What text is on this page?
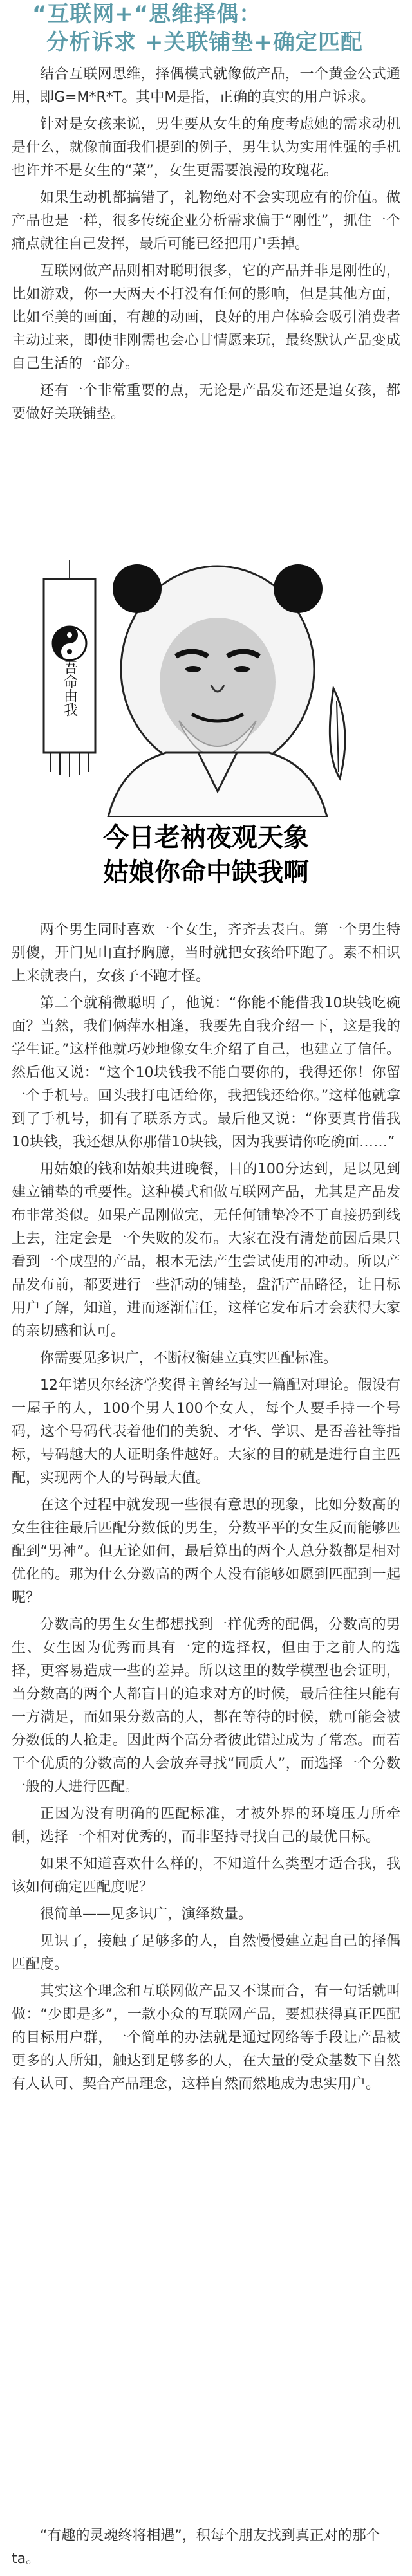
“互联网+“思维择偶：
分析诉求 +关联铺垫+确定匹配

结合互联网思维，择偶模式就像做产品，一个黄金公式通用，即G=M*R*T。其中M是指，正确的真实的用户诉求。

针对是女孩来说，男生要从女生的角度考虑她的需求动机是什么，就像前面我们提到的例子，男生认为实用性强的手机也许并不是女生的“菜”，女生更需要浪漫的玫瑰花。

如果生动机都搞错了，礼物绝对不会实现应有的价值。做产品也是一样，很多传统企业分析需求偏于“刚性”，抓住一个痛点就往自己发挥，最后可能已经把用户丢掉。

互联网做产品则相对聪明很多，它的产品并非是刚性的，比如游戏，你一天两天不打没有任何的影响，但是其他方面，比如至美的画面，有趣的动画，良好的用户体验会吸引消费者主动过来，即使非刚需也会心甘情愿来玩，最终默认产品变成自己生活的一部分。

还有一个非常重要的点，无论是产品发布还是追女孩，都要做好关联铺垫。

吾命由我
今日老衲夜观天象
姑娘你命中缺我啊

两个男生同时喜欢一个女生，齐齐去表白。第一个男生特别傻，开门见山直抒胸臆，当时就把女孩给吓跑了。素不相识上来就表白，女孩子不跑才怪。

第二个就稍微聪明了，他说：“你能不能借我10块钱吃碗面？当然，我们俩萍水相逢，我要先自我介绍一下，这是我的学生证。”这样他就巧妙地像女生介绍了自己，也建立了信任。然后他又说：“这个10块钱我不能白要你的，我得还你！你留一个手机号。回头我打电话给你，我把钱还给你。”这样他就拿到了手机号，拥有了联系方式。最后他又说：“你要真肯借我10块钱，我还想从你那借10块钱，因为我要请你吃碗面……”

用姑娘的钱和姑娘共进晚餐，目的100分达到，足以见到建立铺垫的重要性。这种模式和做互联网产品，尤其是产品发布非常类似。如果产品刚做完，无任何铺垫冷不丁直接扔到线上去，注定会是一个失败的发布。大家在没有清楚前因后果只看到一个成型的产品，根本无法产生尝试使用的冲动。所以产品发布前，都要进行一些活动的铺垫，盘活产品路径，让目标用户了解，知道，进而逐渐信任，这样它发布后才会获得大家的亲切感和认可。

你需要见多识广，不断权衡建立真实匹配标准。

12年诺贝尔经济学奖得主曾经写过一篇配对理论。假设有一屋子的人，100个男人100个女人，每个人要手持一个号码，这个号码代表着他们的美貌、才华、学识、是否善社等指标，号码越大的人证明条件越好。大家的目的就是进行自主匹配，实现两个人的号码最大值。

在这个过程中就发现一些很有意思的现象，比如分数高的女生往往最后匹配分数低的男生，分数平平的女生反而能够匹配到“男神”。但无论如何，最后算出的两个人总分数都是相对优化的。那为什么分数高的两个人没有能够如愿到匹配到一起呢？

分数高的男生女生都想找到一样优秀的配偶，分数高的男生、女生因为优秀而具有一定的选择权，但由于之前人的选择，更容易造成一些的差异。所以这里的数学模型也会证明，当分数高的两个人都盲目的追求对方的时候，最后往往只能有一方满足，而如果分数高的人，都在等待的时候，就可能会被分数低的人抢走。因此两个高分者彼此错过成为了常态。而若干个优质的分数高的人会放弃寻找“同质人”，而选择一个分数一般的人进行匹配。

正因为没有明确的匹配标准，才被外界的环境压力所牵制，选择一个相对优秀的，而非坚持寻找自己的最优目标。

如果不知道喜欢什么样的，不知道什么类型才适合我，我该如何确定匹配度呢？

很简单——见多识广，演绎数量。

见识了，接触了足够多的人，自然慢慢建立起自己的择偶匹配度。

其实这个理念和互联网做产品又不谋而合，有一句话就叫做：“少即是多”，一款小众的互联网产品，要想获得真正匹配的目标用户群，一个简单的办法就是通过网络等手段让产品被更多的人所知，触达到足够多的人，在大量的受众基数下自然有人认可、契合产品理念，这样自然而然地成为忠实用户。

“有趣的灵魂终将相遇”，积每个朋友找到真正对的那个ta。
